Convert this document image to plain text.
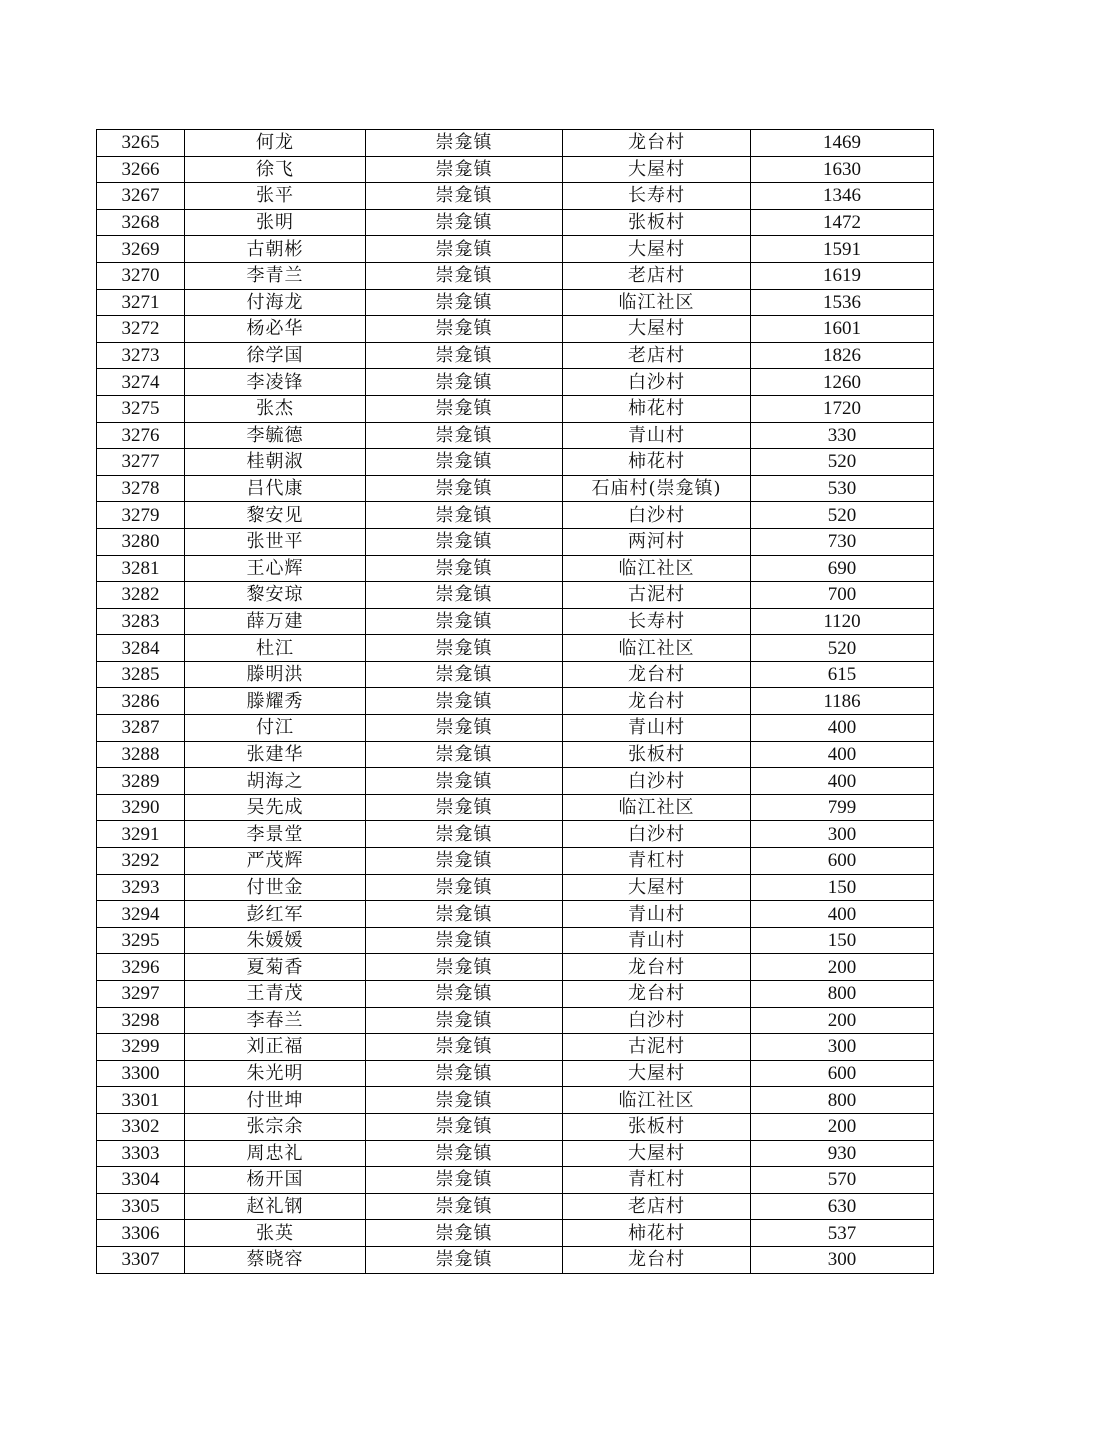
3265	何龙	崇龛镇	龙台村	1469
3266	徐飞	崇龛镇	大屋村	1630
3267	张平	崇龛镇	长寿村	1346
3268	张明	崇龛镇	张板村	1472
3269	古朝彬	崇龛镇	大屋村	1591
3270	李青兰	崇龛镇	老店村	1619
3271	付海龙	崇龛镇	临江社区	1536
3272	杨必华	崇龛镇	大屋村	1601
3273	徐学国	崇龛镇	老店村	1826
3274	李凌锋	崇龛镇	白沙村	1260
3275	张杰	崇龛镇	柿花村	1720
3276	李毓德	崇龛镇	青山村	330
3277	桂朝淑	崇龛镇	柿花村	520
3278	吕代康	崇龛镇	石庙村(崇龛镇)	530
3279	黎安见	崇龛镇	白沙村	520
3280	张世平	崇龛镇	两河村	730
3281	王心辉	崇龛镇	临江社区	690
3282	黎安琼	崇龛镇	古泥村	700
3283	薛万建	崇龛镇	长寿村	1120
3284	杜江	崇龛镇	临江社区	520
3285	滕明洪	崇龛镇	龙台村	615
3286	滕耀秀	崇龛镇	龙台村	1186
3287	付江	崇龛镇	青山村	400
3288	张建华	崇龛镇	张板村	400
3289	胡海之	崇龛镇	白沙村	400
3290	吴先成	崇龛镇	临江社区	799
3291	李景堂	崇龛镇	白沙村	300
3292	严茂辉	崇龛镇	青杠村	600
3293	付世金	崇龛镇	大屋村	150
3294	彭红军	崇龛镇	青山村	400
3295	朱媛媛	崇龛镇	青山村	150
3296	夏菊香	崇龛镇	龙台村	200
3297	王青茂	崇龛镇	龙台村	800
3298	李春兰	崇龛镇	白沙村	200
3299	刘正福	崇龛镇	古泥村	300
3300	朱光明	崇龛镇	大屋村	600
3301	付世坤	崇龛镇	临江社区	800
3302	张宗余	崇龛镇	张板村	200
3303	周忠礼	崇龛镇	大屋村	930
3304	杨开国	崇龛镇	青杠村	570
3305	赵礼钢	崇龛镇	老店村	630
3306	张英	崇龛镇	柿花村	537
3307	蔡晓容	崇龛镇	龙台村	300
